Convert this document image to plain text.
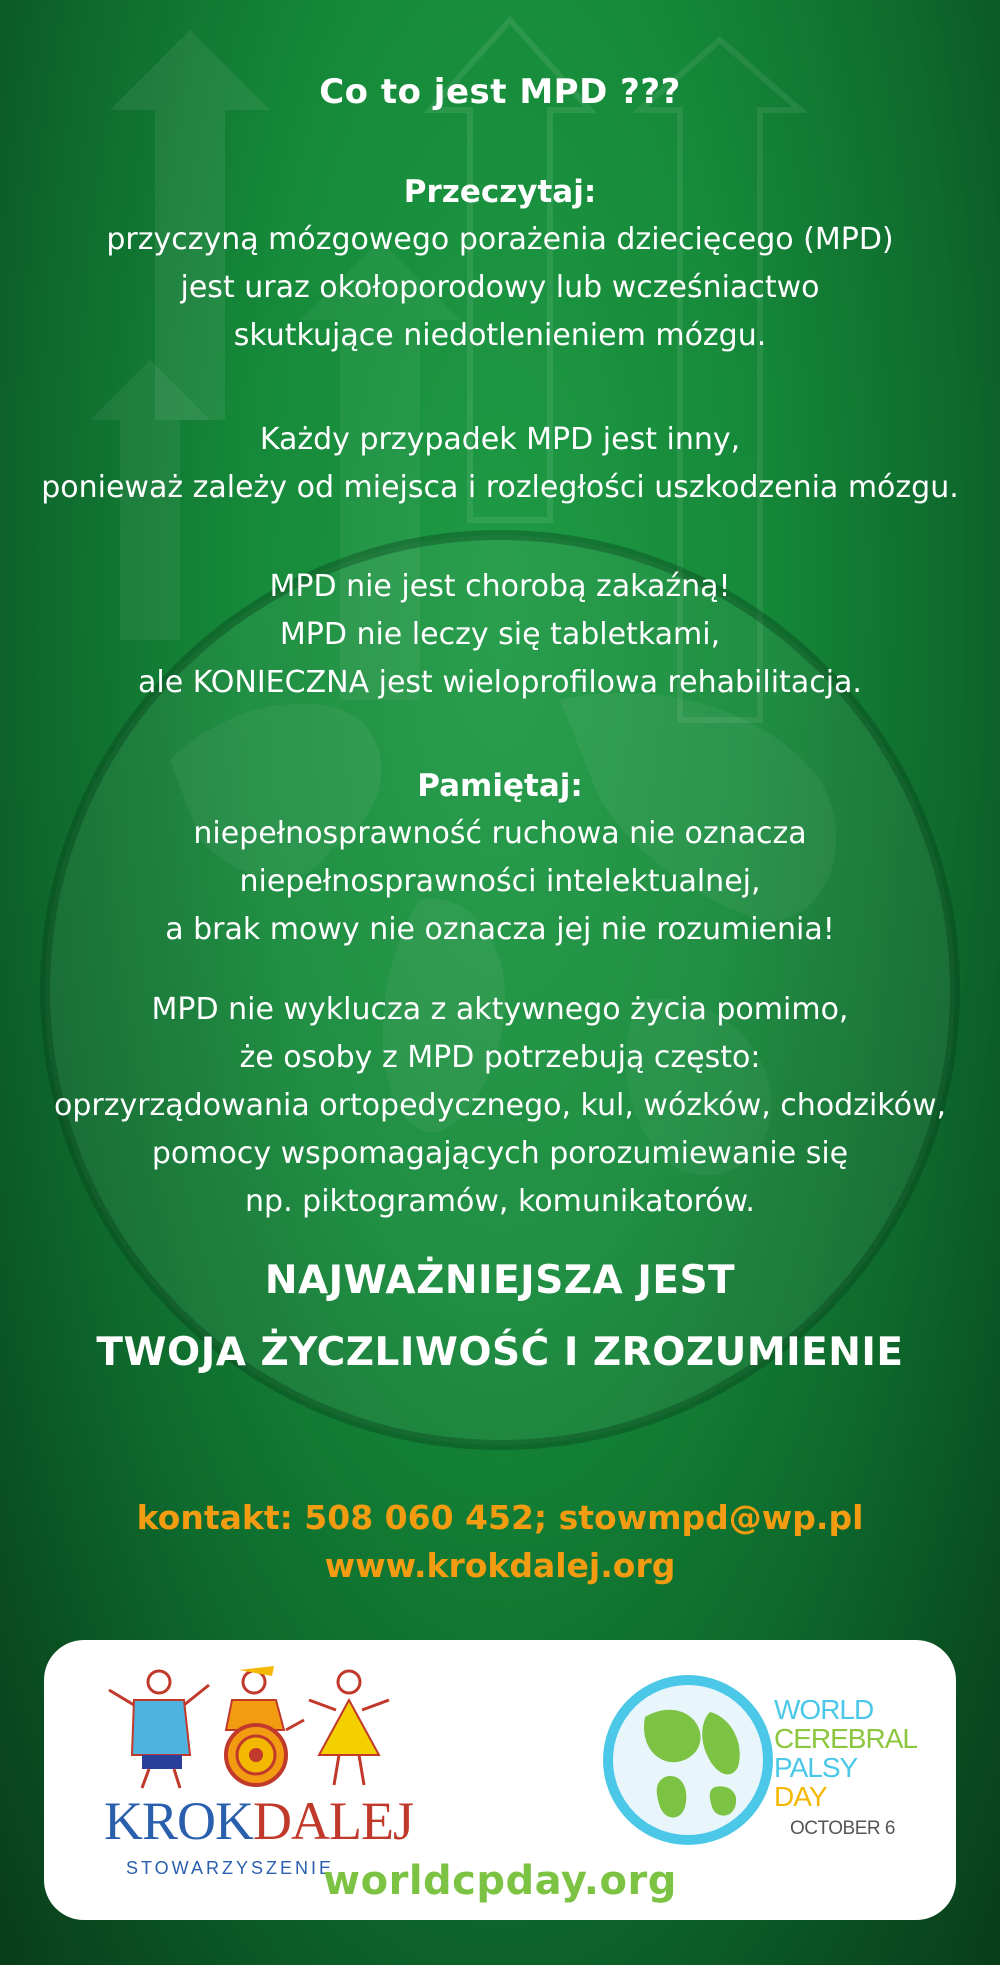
Co to jest MPD ???
Przeczytaj:
przyczyną mózgowego porażenia dziecięcego (MPD)
jest uraz okołoporodowy lub wcześniactwo
skutkujące niedotlenieniem mózgu.
Każdy przypadek MPD jest inny,
ponieważ zależy od miejsca i rozległości uszkodzenia mózgu.
MPD nie jest chorobą zakaźną!
MPD nie leczy się tabletkami,
ale KONIECZNA jest wieloprofilowa rehabilitacja.
Pamiętaj:
niepełnosprawność ruchowa nie oznacza
niepełnosprawności intelektualnej,
a brak mowy nie oznacza jej nie rozumienia!
MPD nie wyklucza z aktywnego życia pomimo,
że osoby z MPD potrzebują często:
oprzyrządowania ortopedycznego, kul, wózków, chodzików,
pomocy wspomagających porozumiewanie się
np. piktogramów, komunikatorów.
NAJWAŻNIEJSZA JEST
TWOJA ŻYCZLIWOŚĆ I ZROZUMIENIE
kontakt: 508 060 452; stowmpd@wp.pl
www.krokdalej.org
KROKDALEJ
STOWARZYSZENIE
WORLD
CEREBRAL
PALSY
DAY
OCTOBER 6
worldcpday.org
